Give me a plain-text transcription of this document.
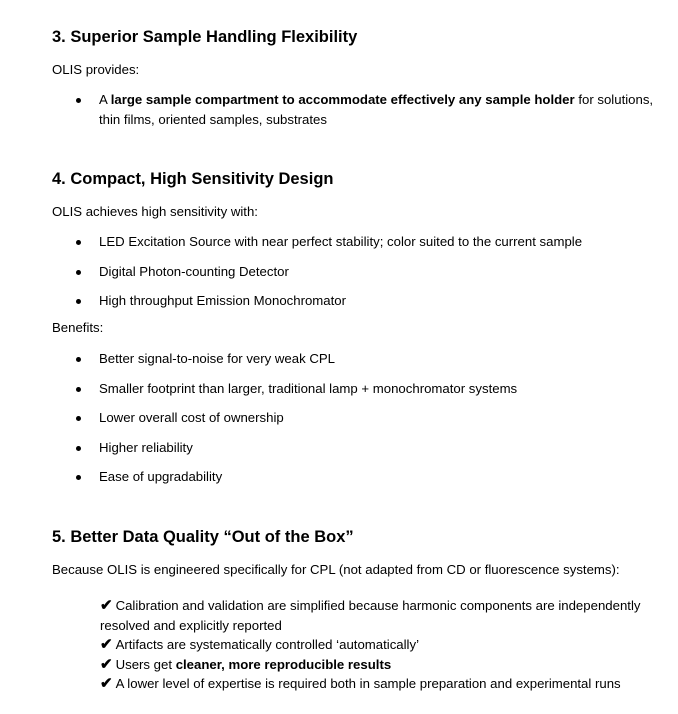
3. Superior Sample Handling Flexibility
OLIS provides:
A large sample compartment to accommodate effectively any sample holder for solutions, thin films, oriented samples, substrates
4. Compact, High Sensitivity Design
OLIS achieves high sensitivity with:
LED Excitation Source with near perfect stability; color suited to the current sample
Digital Photon-counting Detector
High throughput Emission Monochromator
Benefits:
Better signal-to-noise for very weak CPL
Smaller footprint than larger, traditional lamp + monochromator systems
Lower overall cost of ownership
Higher reliability
Ease of upgradability
5. Better Data Quality “Out of the Box”
Because OLIS is engineered specifically for CPL (not adapted from CD or fluorescence systems):
✔ Calibration and validation are simplified because harmonic components are independently resolved and explicitly reported
✔ Artifacts are systematically controlled ‘automatically’
✔ Users get cleaner, more reproducible results
✔ A lower level of expertise is required both in sample preparation and experimental runs
